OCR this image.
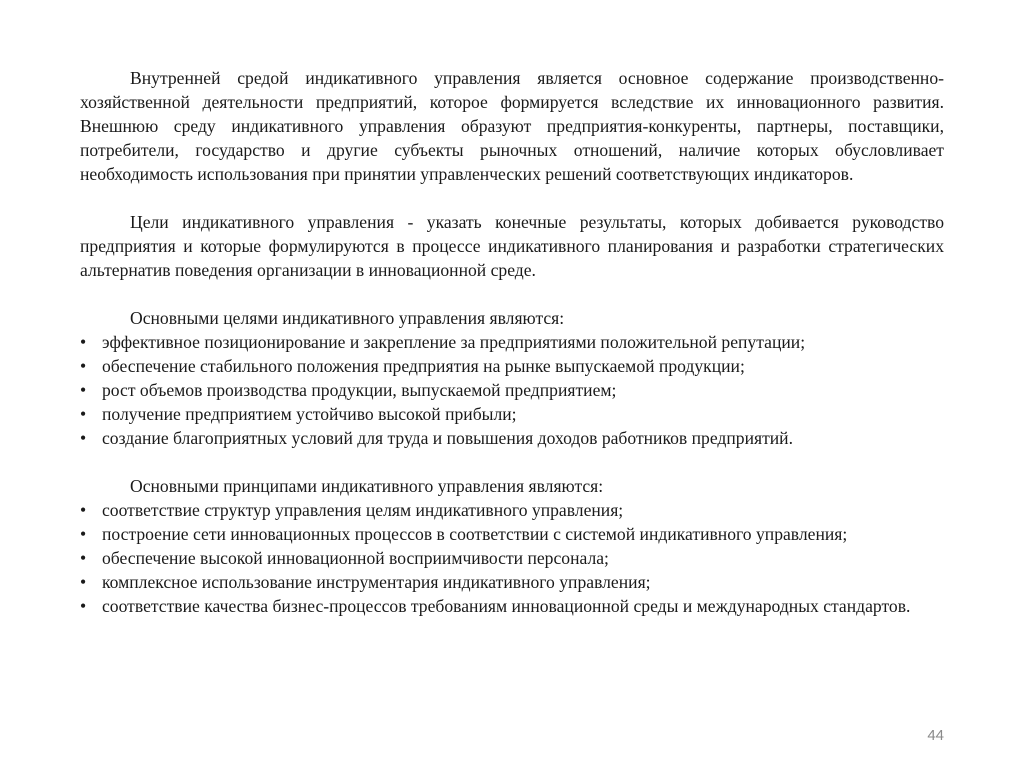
Внутренней средой индикативного управления является основное содержание производственно-хозяйственной деятельности предприятий, которое формируется вследствие их инновационного развития. Внешнюю среду индикативного управления образуют предприятия-конкуренты, партнеры, поставщики, потребители, государство и другие субъекты рыночных отношений, наличие которых обусловливает необходимость использования при принятии управленческих решений соответствующих индикаторов.

Цели индикативного управления - указать конечные результаты, которых добивается руководство предприятия и которые формулируются в процессе индикативного планирования и разработки стратегических альтернатив поведения организации в инновационной среде.

Основными целями индикативного управления являются:

• эффективное позиционирование и закрепление за предприятиями положительной репутации;
• обеспечение стабильного положения предприятия на рынке выпускаемой продукции;
• рост объемов производства продукции, выпускаемой предприятием;
• получение предприятием устойчиво высокой прибыли;
• создание благоприятных условий для труда и повышения доходов работников предприятий.

Основными принципами индикативного управления являются:

• соответствие структур управления целям индикативного управления;
• построение сети инновационных процессов в соответствии с системой индикативного управления;
• обеспечение высокой инновационной восприимчивости персонала;
• комплексное использование инструментария индикативного управления;
• соответствие качества бизнес-процессов требованиям инновационной среды и международных стандартов.
44
